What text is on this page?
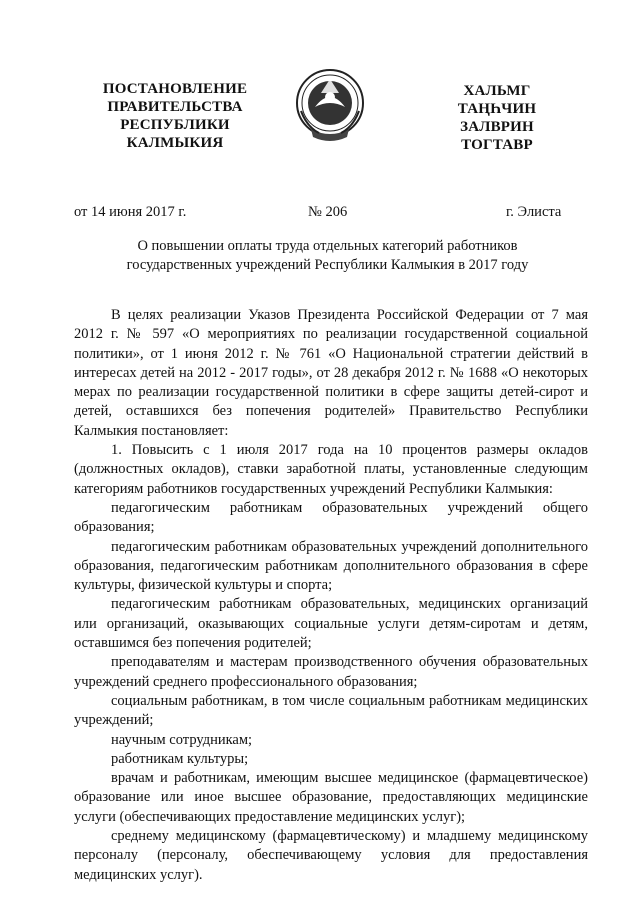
ПОСТАНОВЛЕНИЕ
ПРАВИТЕЛЬСТВА
РЕСПУБЛИКИ
КАЛМЫКИЯ
ХАЛЬМГ
ТАҢҺЧИН
ЗАЛВРИН
ТОГТАВР
от 14 июня 2017 г.	№ 206	г. Элиста
О повышении оплаты труда отдельных категорий работников
государственных учреждений Республики Калмыкия в 2017 году

В целях реализации Указов Президента Российской Федерации от 7 мая 2012 г. № 597 «О мероприятиях по реализации государственной социальной политики», от 1 июня 2012 г. № 761 «О Национальной стратегии действий в интересах детей на 2012 - 2017 годы», от 28 декабря 2012 г. № 1688 «О некоторых мерах по реализации государственной политики в сфере защиты детей-сирот и детей, оставшихся без попечения родителей» Правительство Республики Калмыкия постановляет:

1. Повысить с 1 июля 2017 года на 10 процентов размеры окладов (должностных окладов), ставки заработной платы, установленные следующим категориям работников государственных учреждений Республики Калмыкия:

педагогическим работникам образовательных учреждений общего образования;

педагогическим работникам образовательных учреждений дополнительного образования, педагогическим работникам дополнительного образования в сфере культуры, физической культуры и спорта;

педагогическим работникам образовательных, медицинских организаций или организаций, оказывающих социальные услуги детям-сиротам и детям, оставшимся без попечения родителей;

преподавателям и мастерам производственного обучения образовательных учреждений среднего профессионального образования;

социальным работникам, в том числе социальным работникам медицинских учреждений;

научным сотрудникам;

работникам культуры;

врачам и работникам, имеющим высшее медицинское (фармацевтическое) образование или иное высшее образование, предоставляющих медицинские услуги (обеспечивающих предоставление медицинских услуг);

среднему медицинскому (фармацевтическому) и младшему медицинскому персоналу (персоналу, обеспечивающему условия для предоставления медицинских услуг).
